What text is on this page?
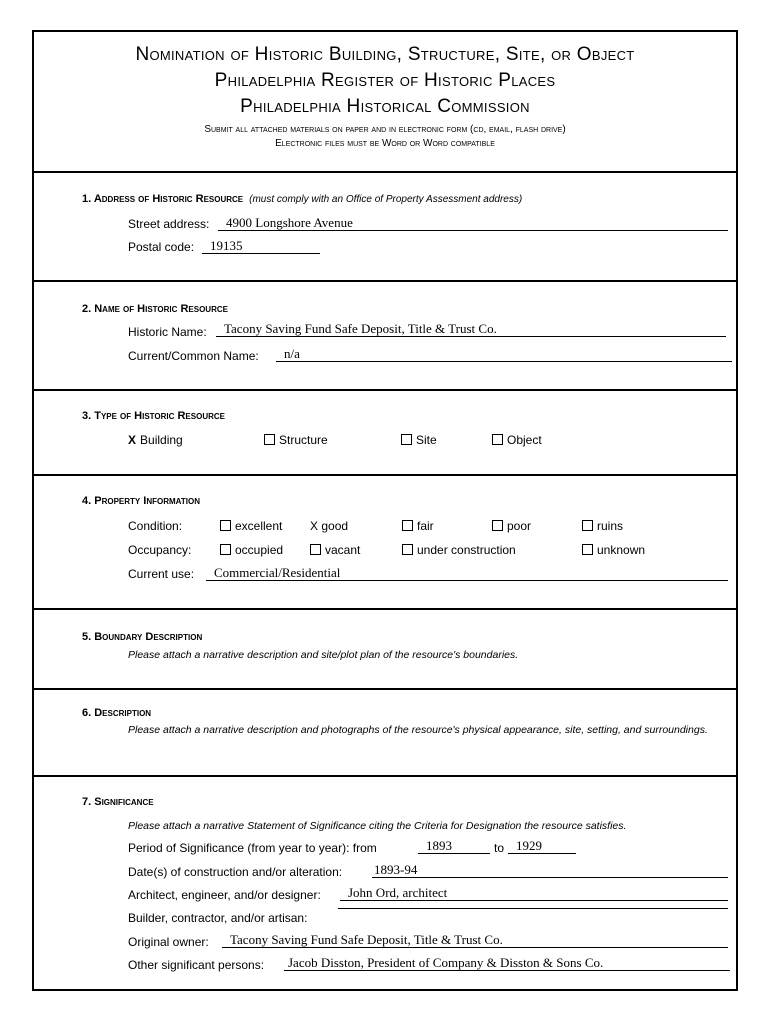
Nomination of Historic Building, Structure, Site, or Object
Philadelphia Register of Historic Places
Philadelphia Historical Commission
Submit all attached materials on paper and in electronic form (cd, email, flash drive)
Electronic files must be Word or Word compatible
1. Address of Historic Resource (must comply with an Office of Property Assessment address)
Street address:	4900 Longshore Avenue
Postal code:	19135
2. Name of Historic Resource
Historic Name:	Tacony Saving Fund Safe Deposit, Title & Trust Co.
Current/Common Name:	n/a
3. Type of Historic Resource
X Building	Structure	Site	Object
4. Property Information
Condition:	excellent X good	fair	poor	ruins
Occupancy:	occupied	vacant	under construction	unknown
Current use:	Commercial/Residential
5. Boundary Description
Please attach a narrative description and site/plot plan of the resource's boundaries.
6. Description
Please attach a narrative description and photographs of the resource's physical appearance, site, setting, and surroundings.
7. Significance
Please attach a narrative Statement of Significance citing the Criteria for Designation the resource satisfies.
Period of Significance (from year to year): from	1893	to 1929
Date(s) of construction and/or alteration: 1893-94
Architect, engineer, and/or designer:	John Ord, architect
Builder, contractor, and/or artisan:
Original owner:	Tacony Saving Fund Safe Deposit, Title & Trust Co.
Other significant persons:	Jacob Disston, President of Company & Disston & Sons Co.
